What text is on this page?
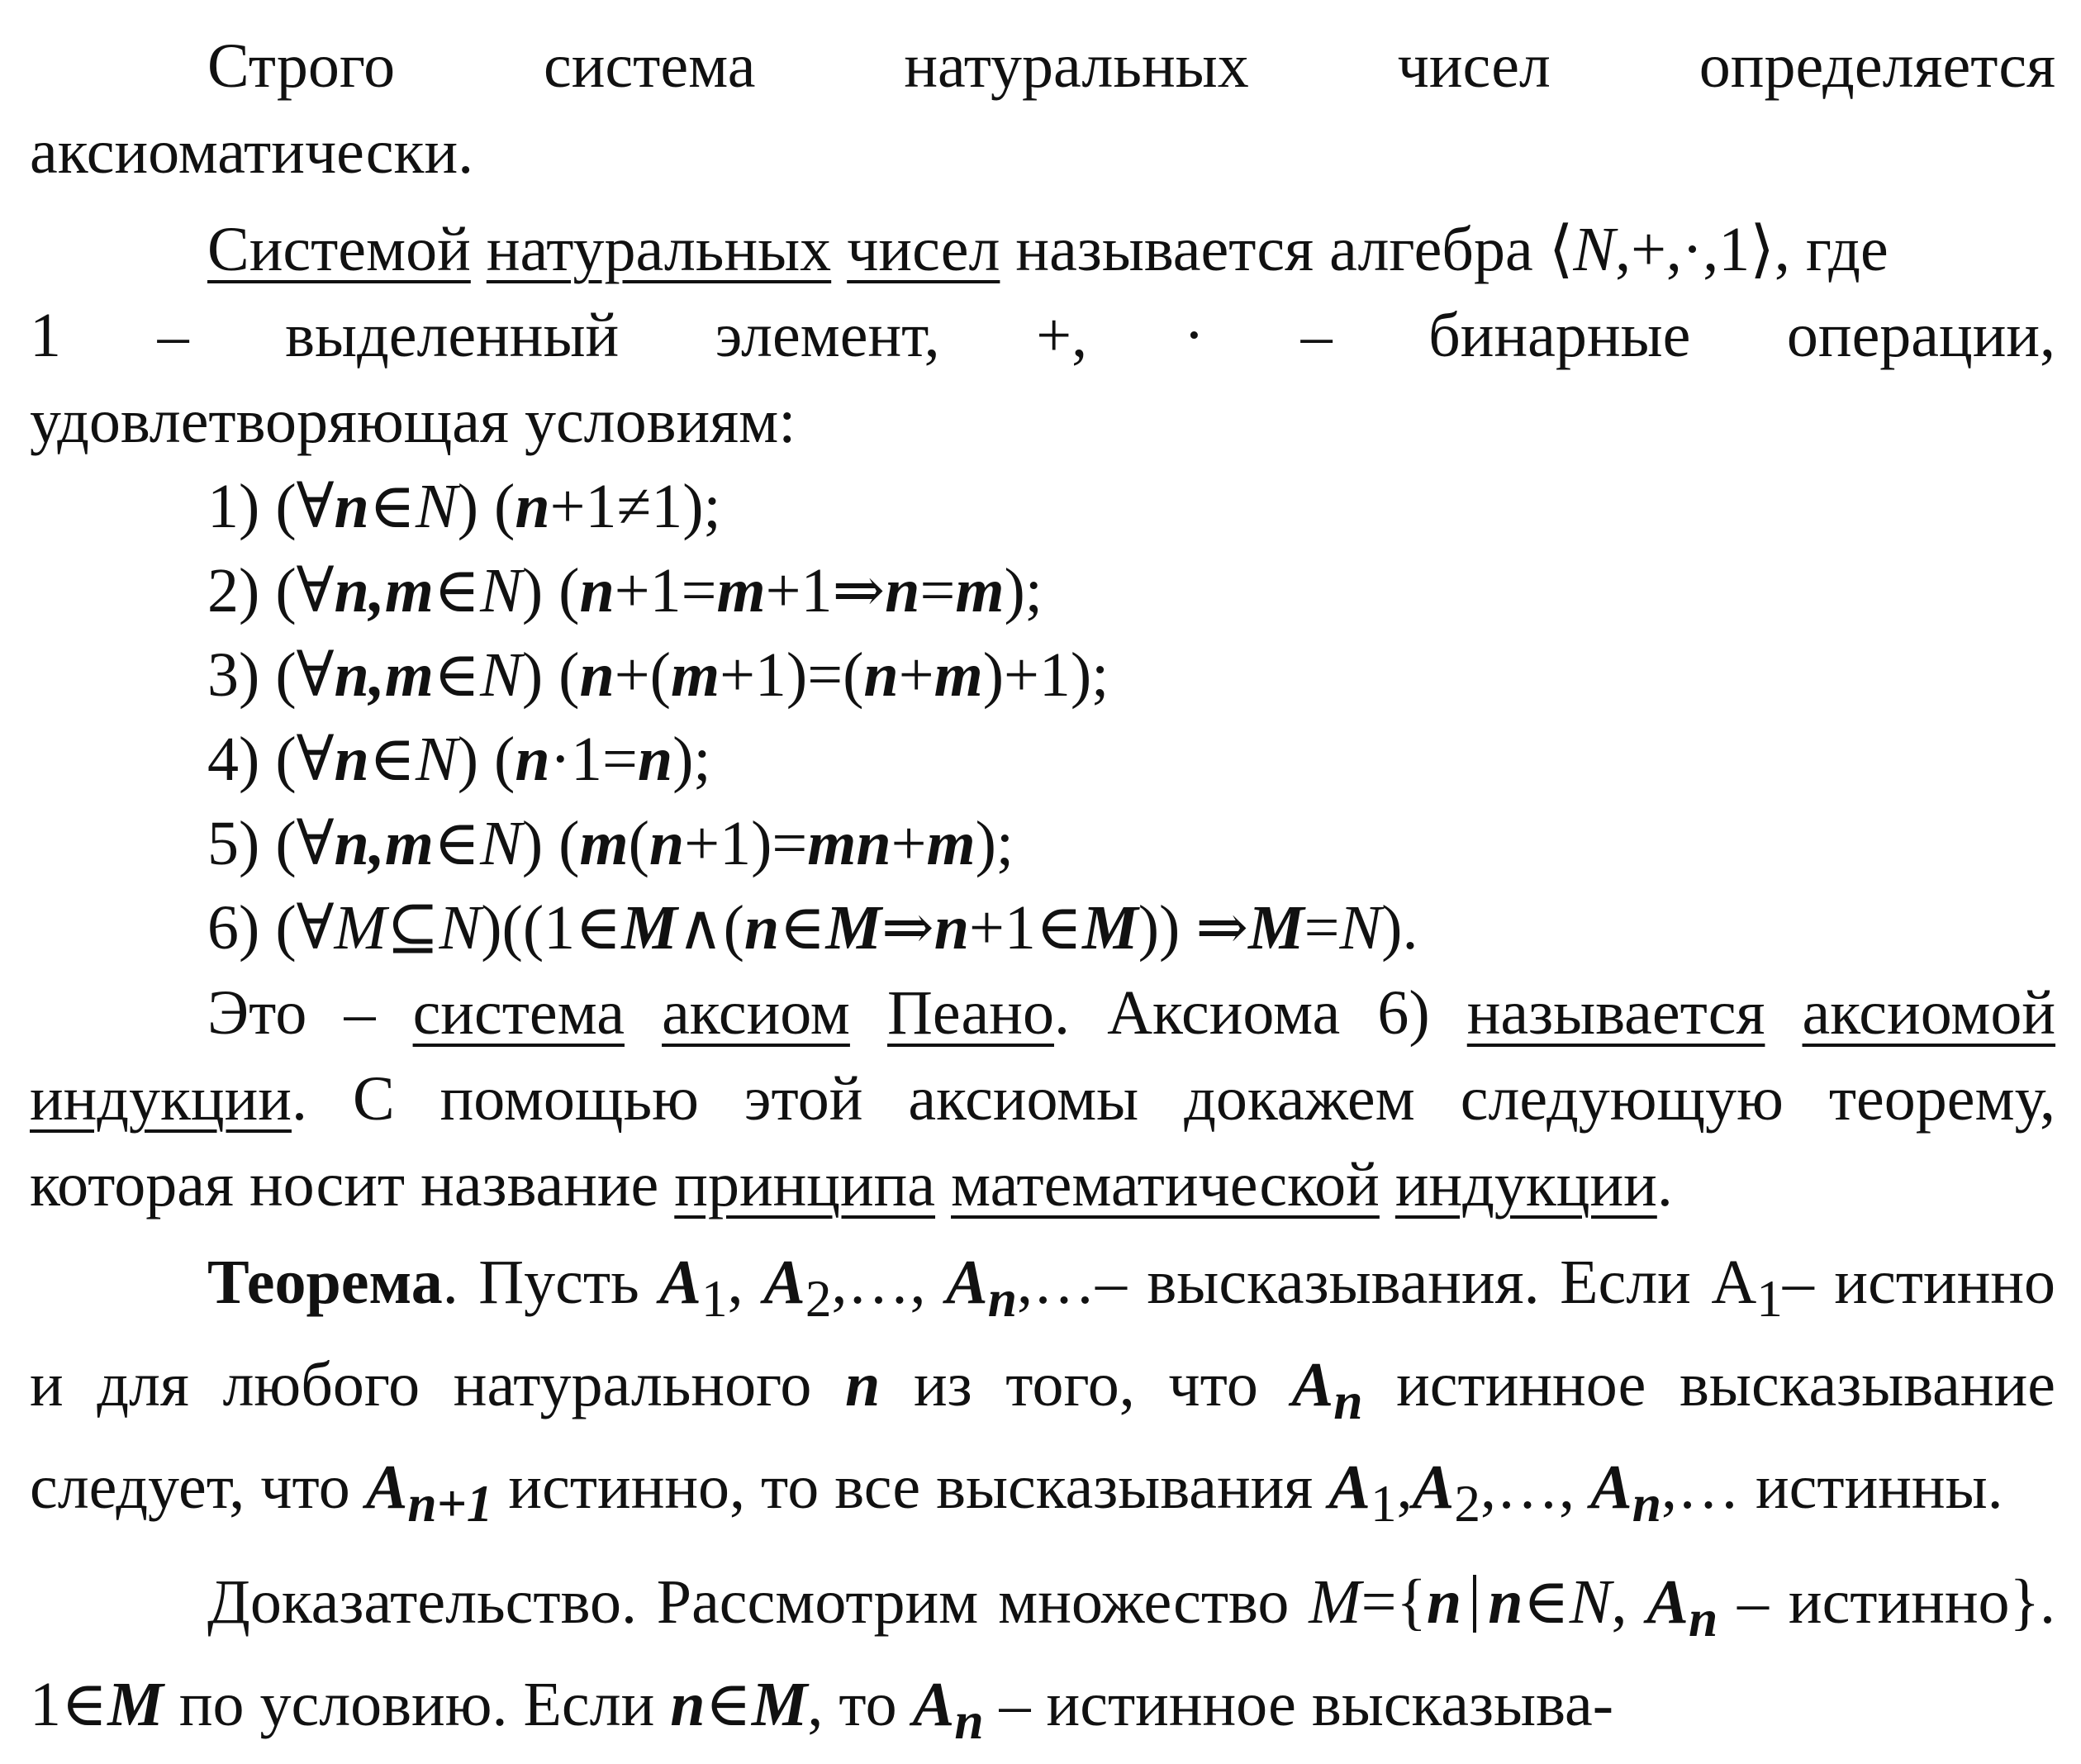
Строго система натуральных чисел определяется

аксиоматически.

Системой натуральных чисел называется алгебра ⟨N,+,·,1⟩, где

1 – выделенный элемент, +, · – бинарные операции,

удовлетворяющая условиям:

1) (∀n∈N) (n+1≠1);

2) (∀n,m∈N) (n+1=m+1⇒n=m);

3) (∀n,m∈N) (n+(m+1)=(n+m)+1);

4) (∀n∈N) (n·1=n);

5) (∀n,m∈N) (m(n+1)=mn+m);

6) (∀M⊆N)((1∈M∧(n∈M⇒n+1∈M)) ⇒M=N).

Это – система аксиом Пеано. Аксиома 6) называется аксиомой индукции. С помощью этой аксиомы докажем следующую теорему, которая носит название принципа математической индукции.

Теорема. Пусть $A_1$, $A_2,\dots$, $A_n,\dots-$ высказывания. Если $A_1-$ истинно и для любого натурального n из того, что $A_n$ истинное высказывание следует, что $A_{n+1}$ истинно, то все высказывания $A_1,A_2,\dots$, $A_n,\dots$ истинны.

Доказательство. Рассмотрим множество M={n n∈N, $A_n$ – истинно}. 1∈M по условию. Если n∈M, то $A_n$ – истинное высказыва-
